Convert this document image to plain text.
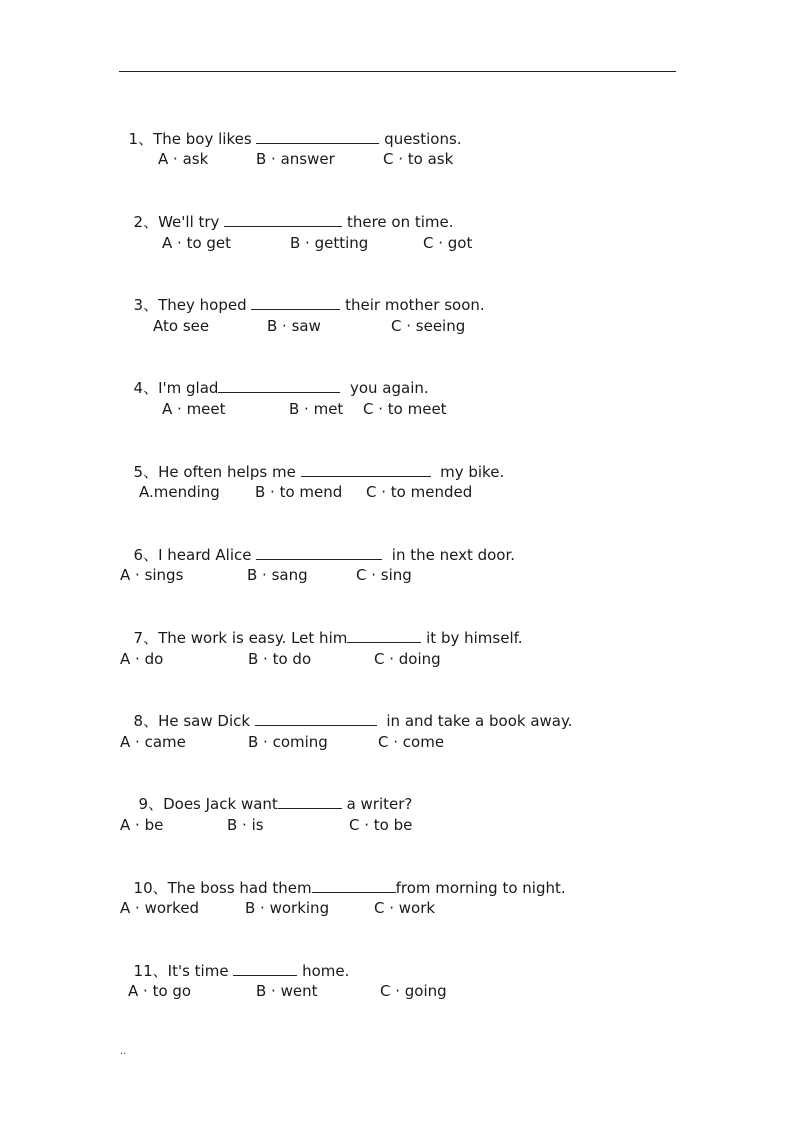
1、The boy likes	questions.

A · ask	B · answer	C · to ask

2、We'll try	there on time.

A · to get	B · getting	C · got

3、They hoped	their mother soon.

Ato see	B · saw	C · seeing

4、I'm glad	you again.

A · meet	B · met C · to meet

5、He often helps me	my bike.

A.mending B · to mend C · to mended

6、I heard Alice	in the next door.

A · sings	B · sang	C · sing

7、The work is easy. Let him	it by himself.

A · do	B · to do	C · doing

8、He saw Dick	in and take a book away.

A · came	B · coming	C · come

9、Does Jack want	a writer?

A · be	B · is	C · to be

10、The boss had them	from morning to night.

A · worked	B · working	C · work

11、It's time	home.

A · to go	B · went	C · going
..
